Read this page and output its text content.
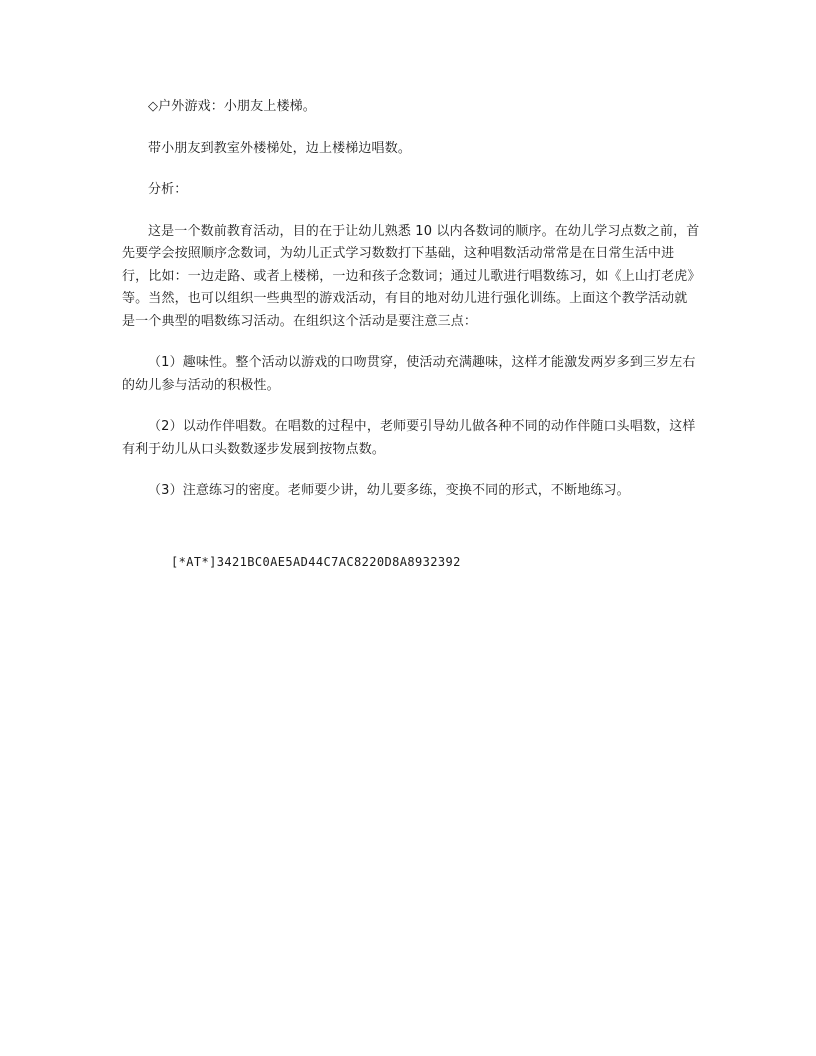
◇户外游戏：小朋友上楼梯。

带小朋友到教室外楼梯处，边上楼梯边唱数。

分析：

这是一个数前教育活动，目的在于让幼儿熟悉 10 以内各数词的顺序。在幼儿学习点数之前，首先要学会按照顺序念数词，为幼儿正式学习数数打下基础，这种唱数活动常常是在日常生活中进行，比如：一边走路、或者上楼梯，一边和孩子念数词；通过儿歌进行唱数练习，如《上山打老虎》等。当然，也可以组织一些典型的游戏活动，有目的地对幼儿进行强化训练。上面这个教学活动就是一个典型的唱数练习活动。在组织这个活动是要注意三点：

（1）趣味性。整个活动以游戏的口吻贯穿，使活动充满趣味，这样才能激发两岁多到三岁左右的幼儿参与活动的积极性。

（2）以动作伴唱数。在唱数的过程中，老师要引导幼儿做各种不同的动作伴随口头唱数，这样有利于幼儿从口头数数逐步发展到按物点数。

（3）注意练习的密度。老师要少讲，幼儿要多练，变换不同的形式，不断地练习。

[*AT*]3421BC0AE5AD44C7AC8220D8A8932392
